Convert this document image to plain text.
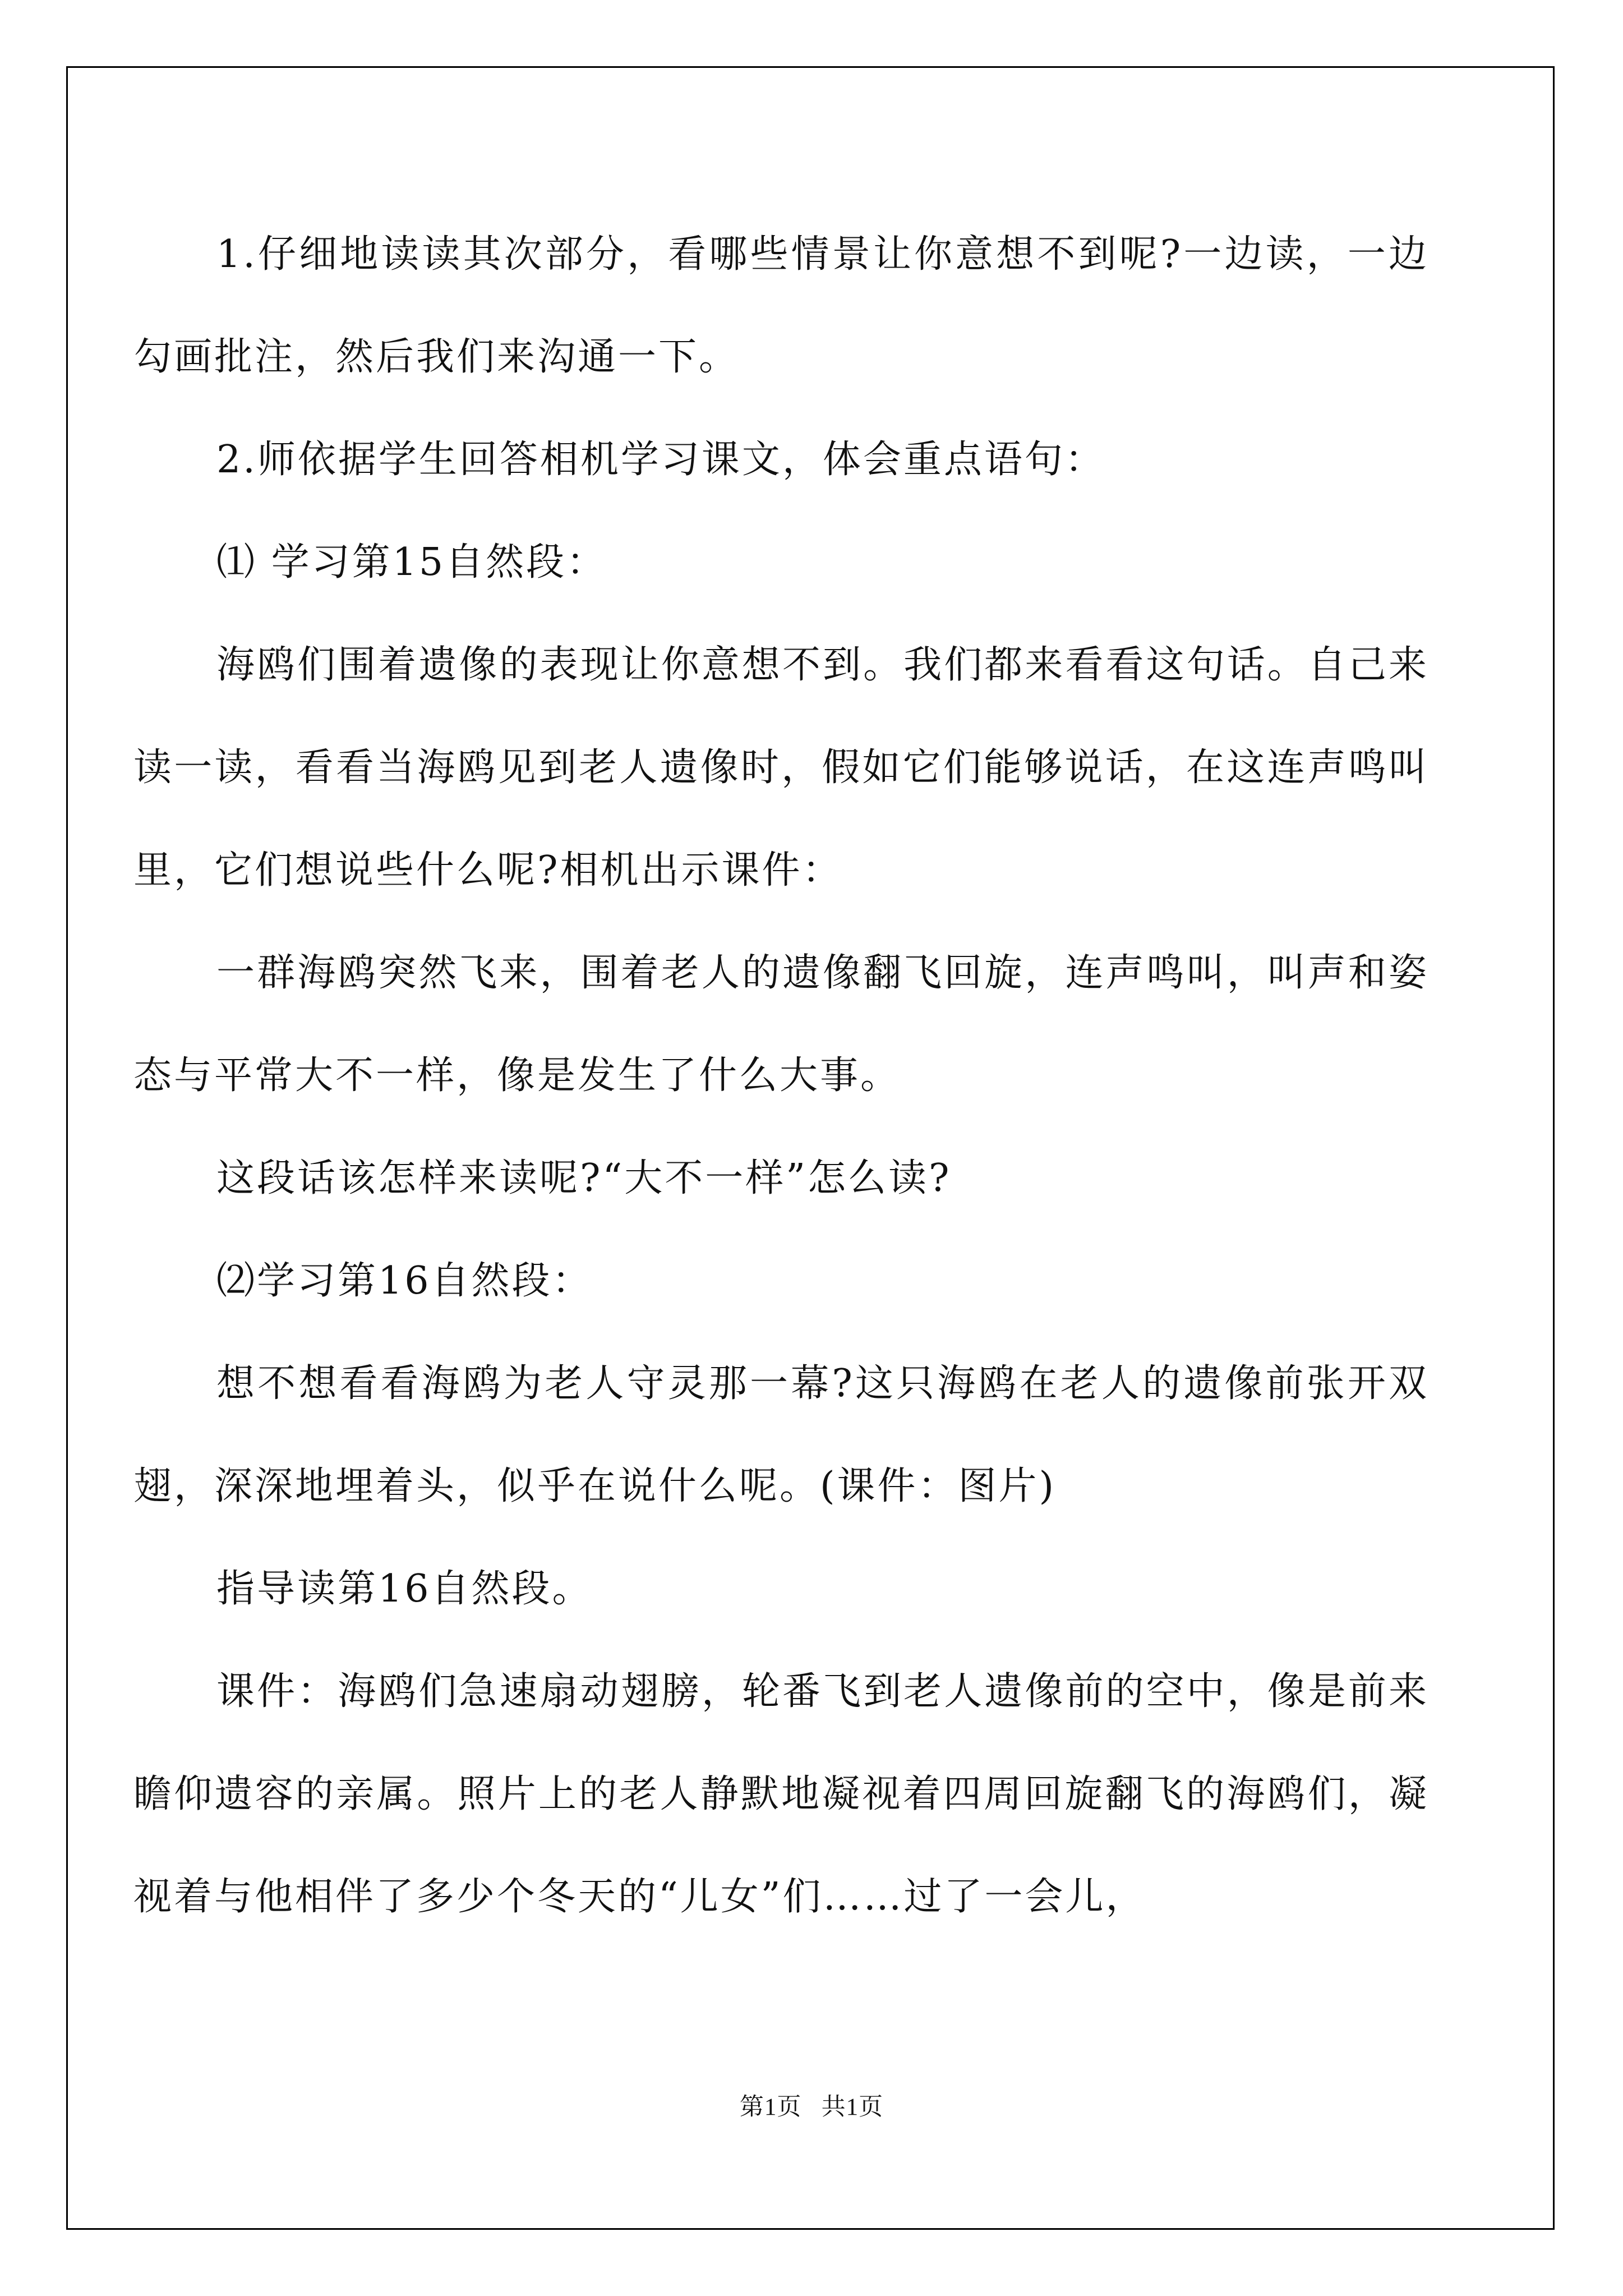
1.仔细地读读其次部分，看哪些情景让你意想不到呢?一边读，一边勾画批注，然后我们来沟通一下。

2.师依据学生回答相机学习课文，体会重点语句：

⑴ 学习第15自然段：

海鸥们围着遗像的表现让你意想不到。我们都来看看这句话。自己来读一读，看看当海鸥见到老人遗像时，假如它们能够说话，在这连声鸣叫里，它们想说些什么呢?相机出示课件：

一群海鸥突然飞来，围着老人的遗像翻飞回旋，连声鸣叫，叫声和姿态与平常大不一样，像是发生了什么大事。

这段话该怎样来读呢?“大不一样”怎么读?

⑵学习第16自然段：

想不想看看海鸥为老人守灵那一幕?这只海鸥在老人的遗像前张开双翅，深深地埋着头，似乎在说什么呢。(课件：图片)

指导读第16自然段。

课件：海鸥们急速扇动翅膀，轮番飞到老人遗像前的空中，像是前来瞻仰遗容的亲属。照片上的老人静默地凝视着四周回旋翻飞的海鸥们，凝视着与他相伴了多少个冬天的“儿女”们……过了一会儿，

第1页 共1页
